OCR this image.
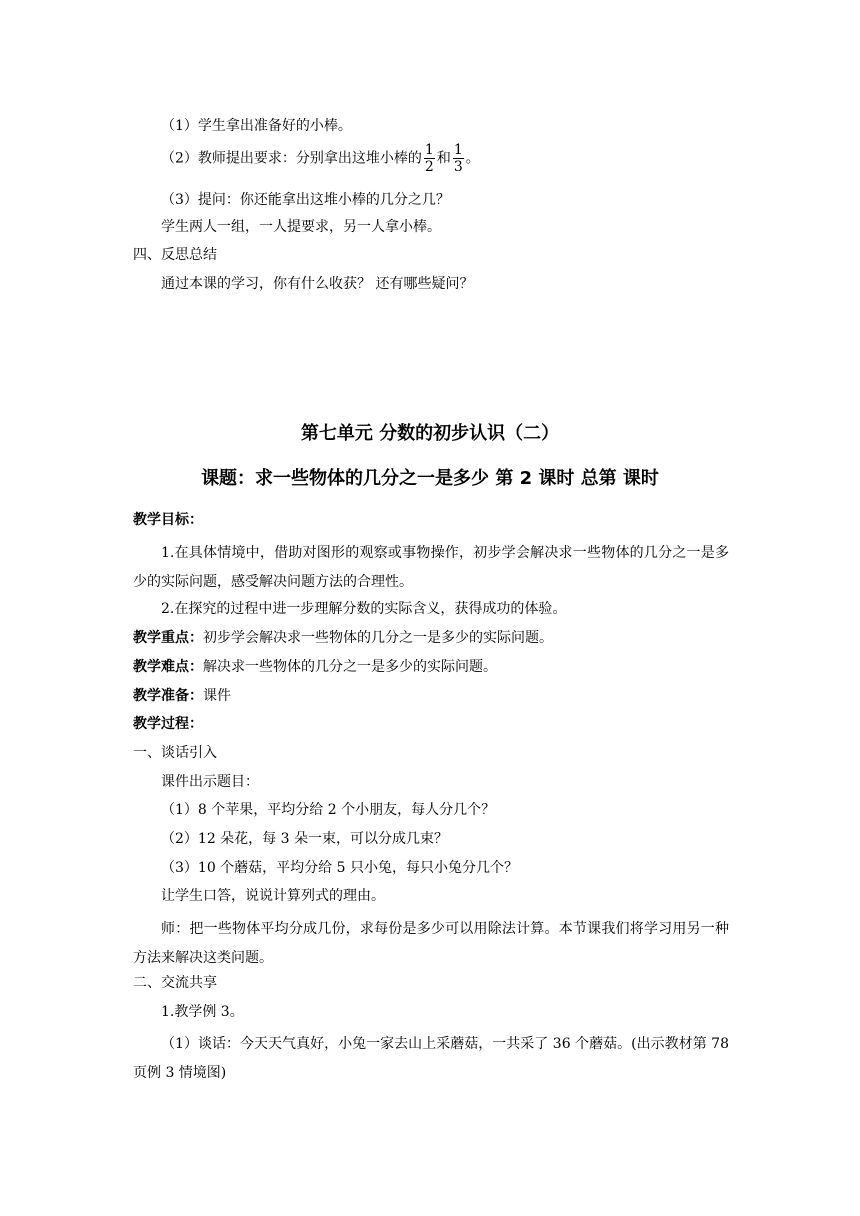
（1）学生拿出准备好的小棒。
（2）教师提出要求：分别拿出这堆小棒的 $\frac{1}{2}$ 和 $\frac{1}{3}$ 。
（3）提问：你还能拿出这堆小棒的几分之几？
学生两人一组，一人提要求，另一人拿小棒。
四、反思总结
通过本课的学习，你有什么收获？ 还有哪些疑问？
第七单元 分数的初步认识（二）
课题：求一些物体的几分之一是多少 第 2 课时 总第 课时
教学目标：
1.在具体情境中，借助对图形的观察或事物操作，初步学会解决求一些物体的几分之一是多少的实际问题，感受解决问题方法的合理性。
2.在探究的过程中进一步理解分数的实际含义，获得成功的体验。
教学重点：初步学会解决求一些物体的几分之一是多少的实际问题。
教学难点：解决求一些物体的几分之一是多少的实际问题。
教学准备：课件
教学过程：
一、谈话引入
课件出示题目：
（1）8 个苹果，平均分给 2 个小朋友，每人分几个？
（2）12 朵花，每 3 朵一束，可以分成几束？
（3）10 个蘑菇，平均分给 5 只小兔，每只小兔分几个？
让学生口答，说说计算列式的理由。
师：把一些物体平均分成几份，求每份是多少可以用除法计算。本节课我们将学习用另一种方法来解决这类问题。
二、交流共享
1.教学例 3。
（1）谈话：今天天气真好，小兔一家去山上采蘑菇，一共采了 36 个蘑菇。(出示教材第 78 页例 3 情境图)
